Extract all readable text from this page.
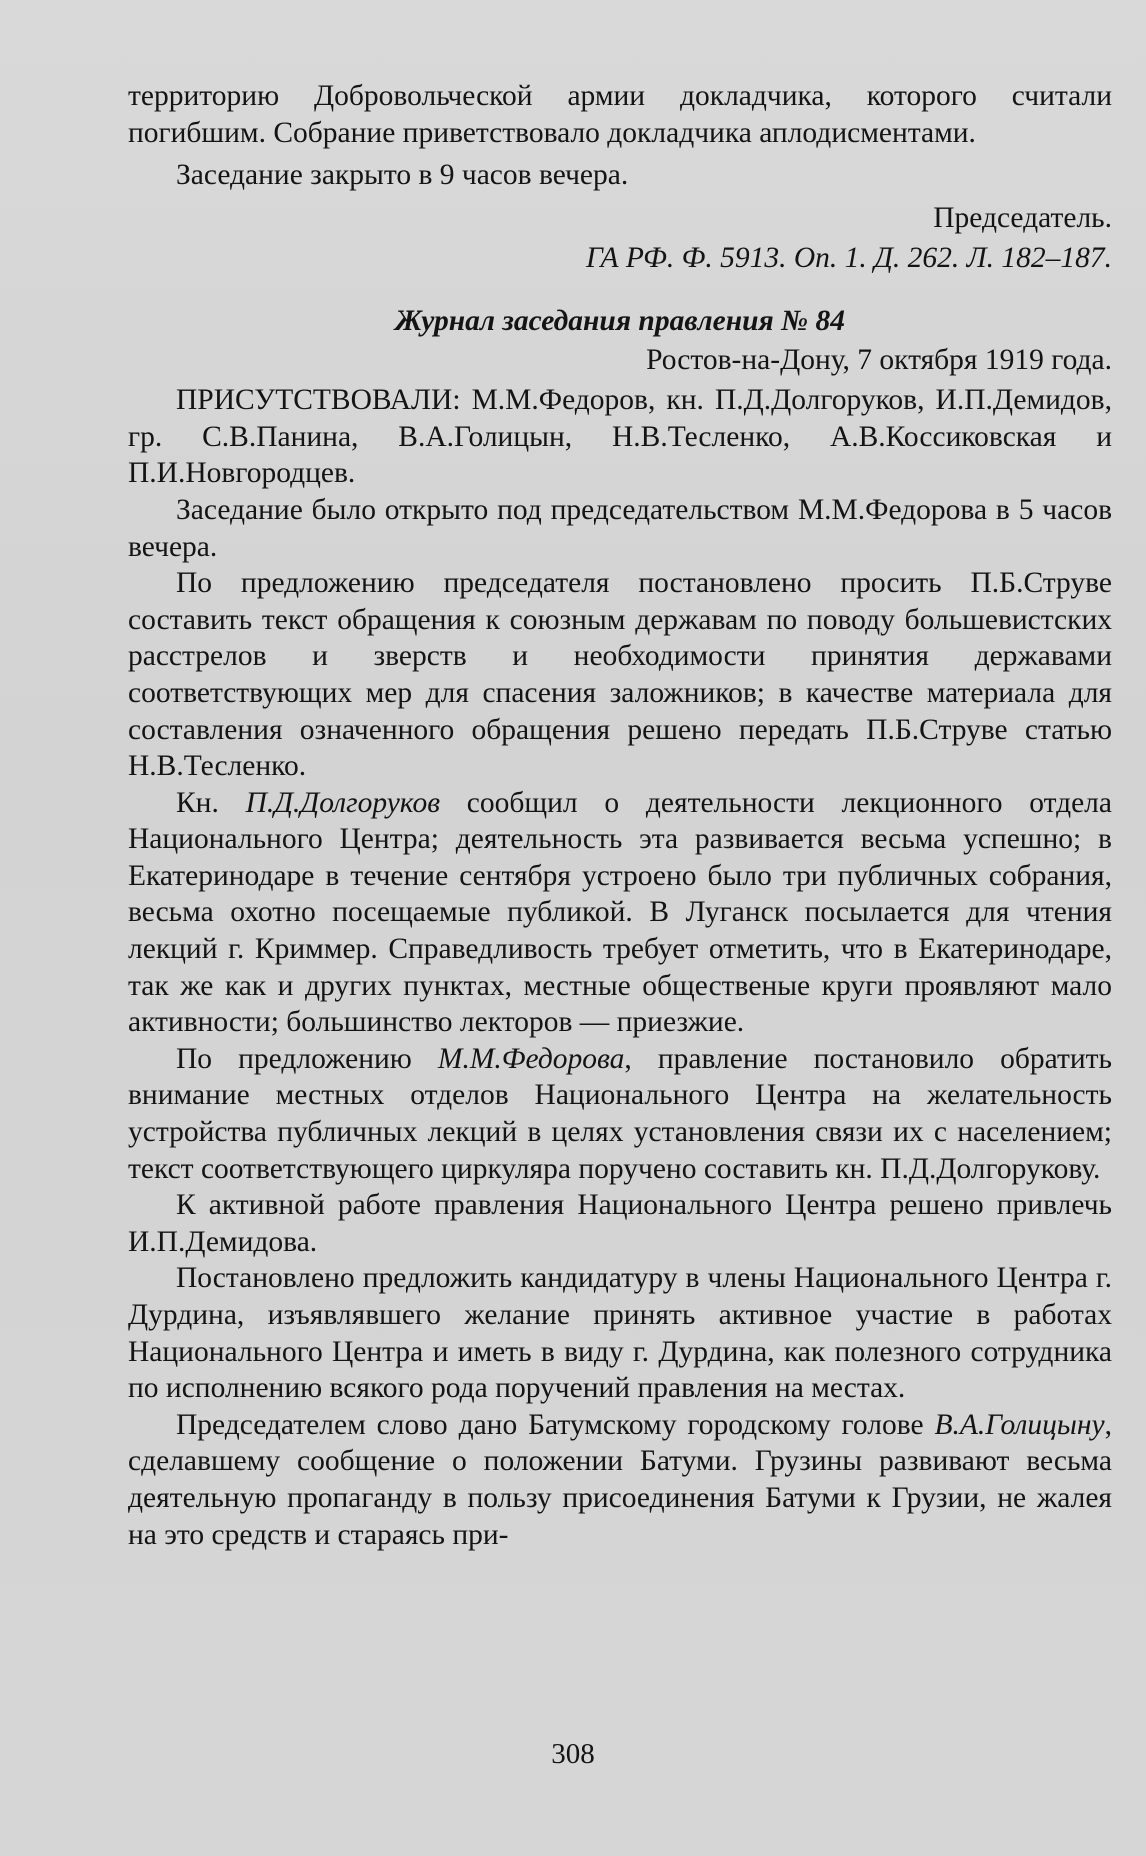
территорию Добровольческой армии докладчика, которого считали погибшим. Собрание приветствовало докладчика аплодисментами.

Заседание закрыто в 9 часов вечера.

Председатель.

ГА РФ. Ф. 5913. Оп. 1. Д. 262. Л. 182–187.

Журнал заседания правления № 84

Ростов-на-Дону, 7 октября 1919 года.

ПРИСУТСТВОВАЛИ: М.М.Федоров, кн. П.Д.Долгоруков, И.П.Демидов, гр. С.В.Панина, В.А.Голицын, Н.В.Тесленко, А.В.Коссиковская и П.И.Новгородцев.

Заседание было открыто под председательством М.М.Федорова в 5 часов вечера.

По предложению председателя постановлено просить П.Б.Струве составить текст обращения к союзным державам по поводу большевистских расстрелов и зверств и необходимости принятия державами соответствующих мер для спасения заложников; в качестве материала для составления означенного обращения решено передать П.Б.Струве статью Н.В.Тесленко.

Кн. П.Д.Долгоруков сообщил о деятельности лекционного отдела Национального Центра; деятельность эта развивается весьма успешно; в Екатеринодаре в течение сентября устроено было три публичных собрания, весьма охотно посещаемые публикой. В Луганск посылается для чтения лекций г. Криммер. Справедливость требует отметить, что в Екатеринодаре, так же как и других пунктах, местные общественые круги проявляют мало активности; большинство лекторов — приезжие.

По предложению М.М.Федорова, правление постановило обратить внимание местных отделов Национального Центра на желательность устройства публичных лекций в целях установления связи их с населением; текст соответствующего циркуляра поручено составить кн. П.Д.Долгорукову.

К активной работе правления Национального Центра решено привлечь И.П.Демидова.

Постановлено предложить кандидатуру в члены Национального Центра г. Дурдина, изъявлявшего желание принять активное участие в работах Национального Центра и иметь в виду г. Дурдина, как полезного сотрудника по исполнению всякого рода поручений правления на местах.

Председателем слово дано Батумскому городскому голове В.А.Голицыну, сделавшему сообщение о положении Батуми. Грузины развивают весьма деятельную пропаганду в пользу присоединения Батуми к Грузии, не жалея на это средств и стараясь при-

308
